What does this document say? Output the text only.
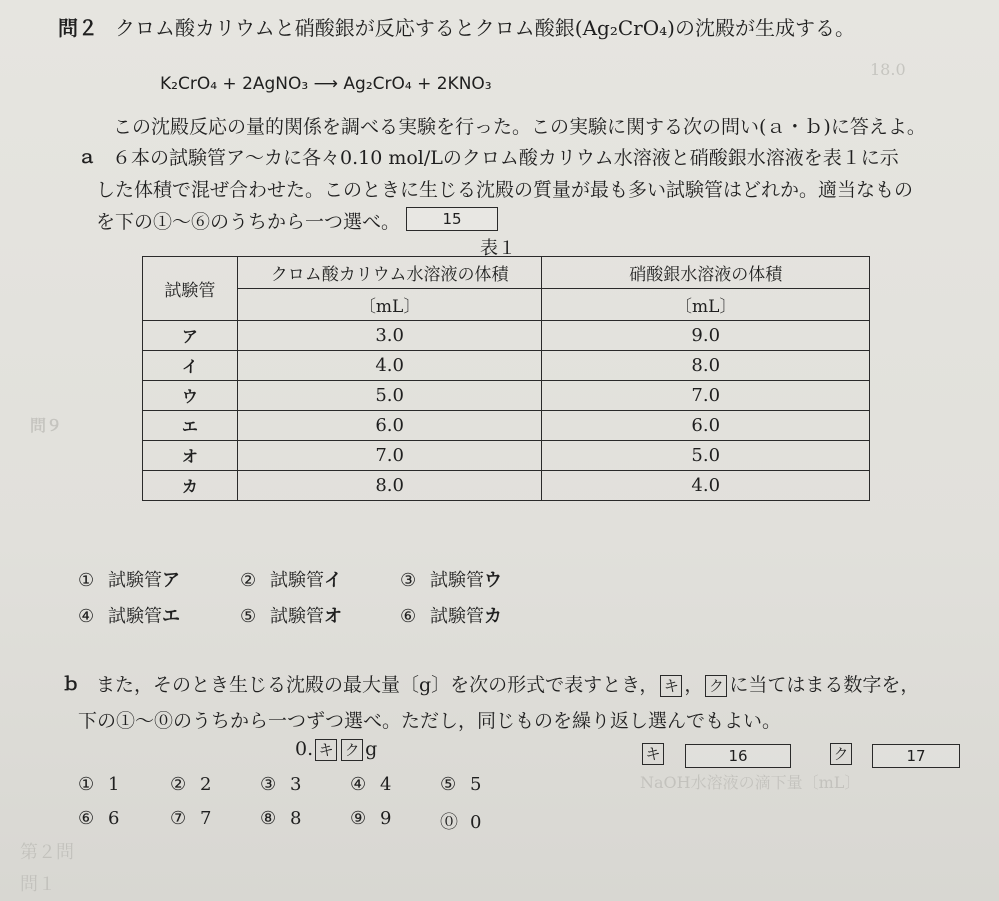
18.0
問９
第２問
問１
NaOH水溶液の滴下量〔mL〕
問２ クロム酸カリウムと硝酸銀が反応するとクロム酸銀(Ag₂CrO₄)の沈殿が生成する。
K₂CrO₄ + 2AgNO₃ ⟶ Ag₂CrO₄ + 2KNO₃
この沈殿反応の量的関係を調べる実験を行った。この実験に関する次の問い(ａ・ｂ)に答えよ。
ａ ６本の試験管ア～カに各々0.10 mol/Lのクロム酸カリウム水溶液と硝酸銀水溶液を表１に示
した体積で混ぜ合わせた。このときに生じる沈殿の質量が最も多い試験管はどれか。適当なもの
を下の①～⑥のうちから一つ選べ。	15
表１
試験管	クロム酸カリウム水溶液の体積	硝酸銀水溶液の体積
	〔mL〕	〔mL〕
ア	3.0	9.0
イ	4.0	8.0
ウ	5.0	7.0
エ	6.0	6.0
オ	7.0	5.0
カ	8.0	4.0
① 試験管ア	② 試験管イ	③ 試験管ウ
④ 試験管エ	⑤ 試験管オ	⑥ 試験管カ
ｂ また，そのとき生じる沈殿の最大量〔g〕を次の形式で表すとき， キ ， ク に当てはまる数字を，
下の①～⓪のうちから一つずつ選べ。ただし，同じものを繰り返し選んでもよい。
0. キ ク g	キ	16	ク	17
① 1	② 2	③ 3	④ 4	⑤ 5
⑥ 6	⑦ 7	⑧ 8	⑨ 9	⓪ 0
